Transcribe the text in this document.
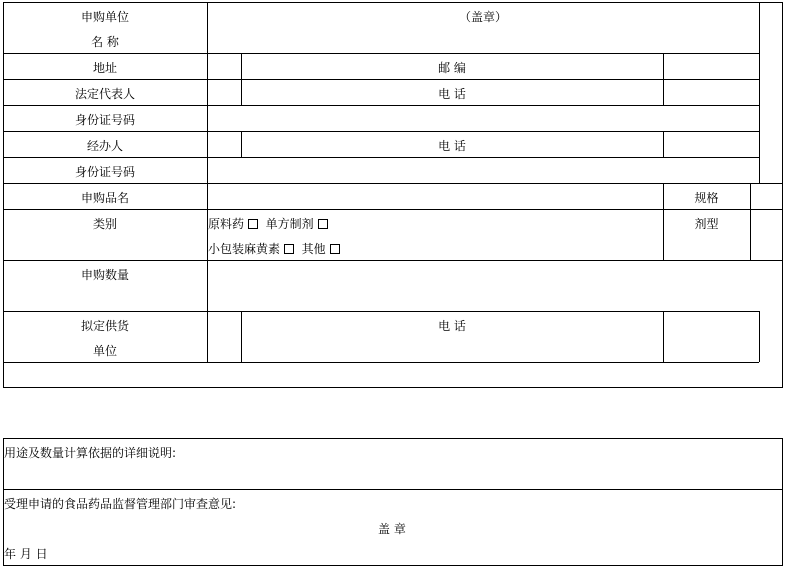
申购单位
名 称
地址
法定代表人
身份证号码
经办人
身份证号码
申购品名
类别
申购数量
拟定供货
单位
（盖章）
邮 编
电 话
电 话
电 话
规格
剂型
原料药 单方制剂
小包装麻黄素 其他
用途及数量计算依据的详细说明:
受理申请的食品药品监督管理部门审查意见:
盖 章
年 月 日
